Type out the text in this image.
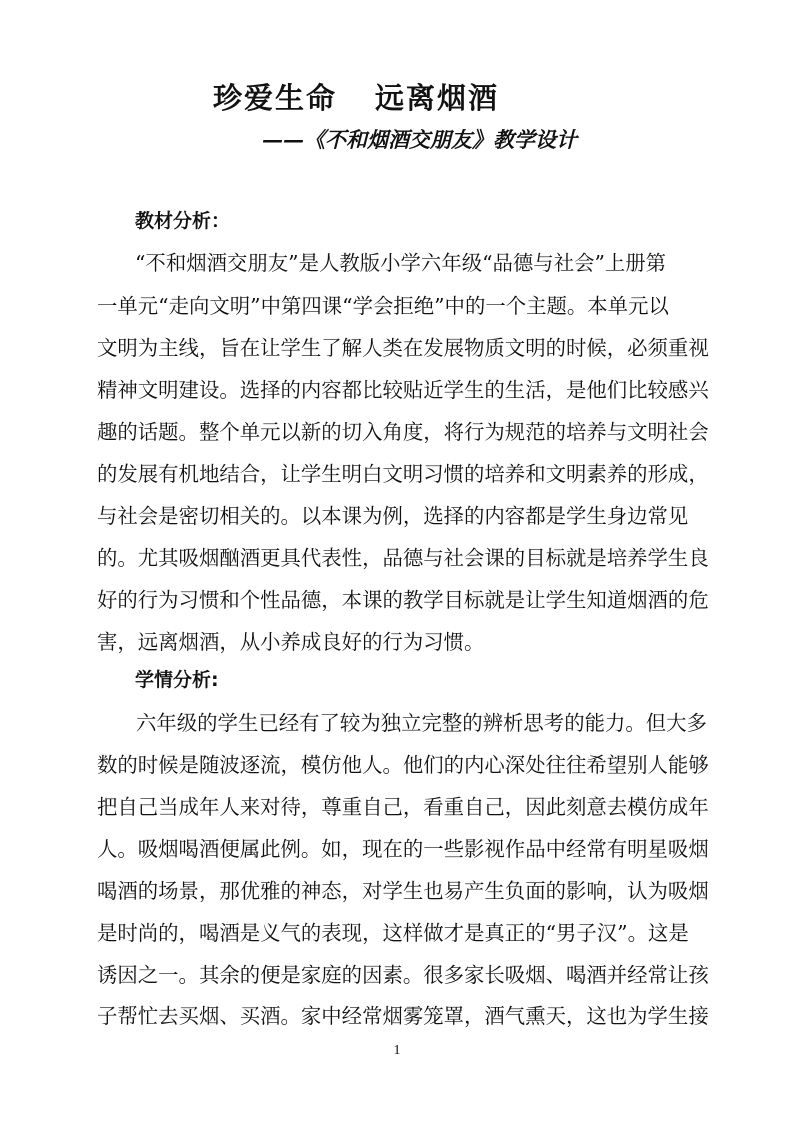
珍爱生命 远离烟酒
——《不和烟酒交朋友》教学设计
教材分析：
“不和烟酒交朋友”是人教版小学六年级“品德与社会”上册第
一单元“走向文明”中第四课“学会拒绝”中的一个主题。本单元以
文明为主线，旨在让学生了解人类在发展物质文明的时候，必须重视
精神文明建设。选择的内容都比较贴近学生的生活，是他们比较感兴
趣的话题。整个单元以新的切入角度，将行为规范的培养与文明社会
的发展有机地结合，让学生明白文明习惯的培养和文明素养的形成，
与社会是密切相关的。以本课为例，选择的内容都是学生身边常见
的。尤其吸烟酗酒更具代表性，品德与社会课的目标就是培养学生良
好的行为习惯和个性品德，本课的教学目标就是让学生知道烟酒的危
害，远离烟酒，从小养成良好的行为习惯。
学情分析:
六年级的学生已经有了较为独立完整的辨析思考的能力。但大多
数的时候是随波逐流，模仿他人。他们的内心深处往往希望别人能够
把自己当成年人来对待，尊重自己，看重自己，因此刻意去模仿成年
人。吸烟喝酒便属此例。如，现在的一些影视作品中经常有明星吸烟
喝酒的场景，那优雅的神态，对学生也易产生负面的影响，认为吸烟
是时尚的，喝酒是义气的表现，这样做才是真正的“男子汉”。这是
诱因之一。其余的便是家庭的因素。很多家长吸烟、喝酒并经常让孩
子帮忙去买烟、买酒。家中经常烟雾笼罩，酒气熏天，这也为学生接
1
